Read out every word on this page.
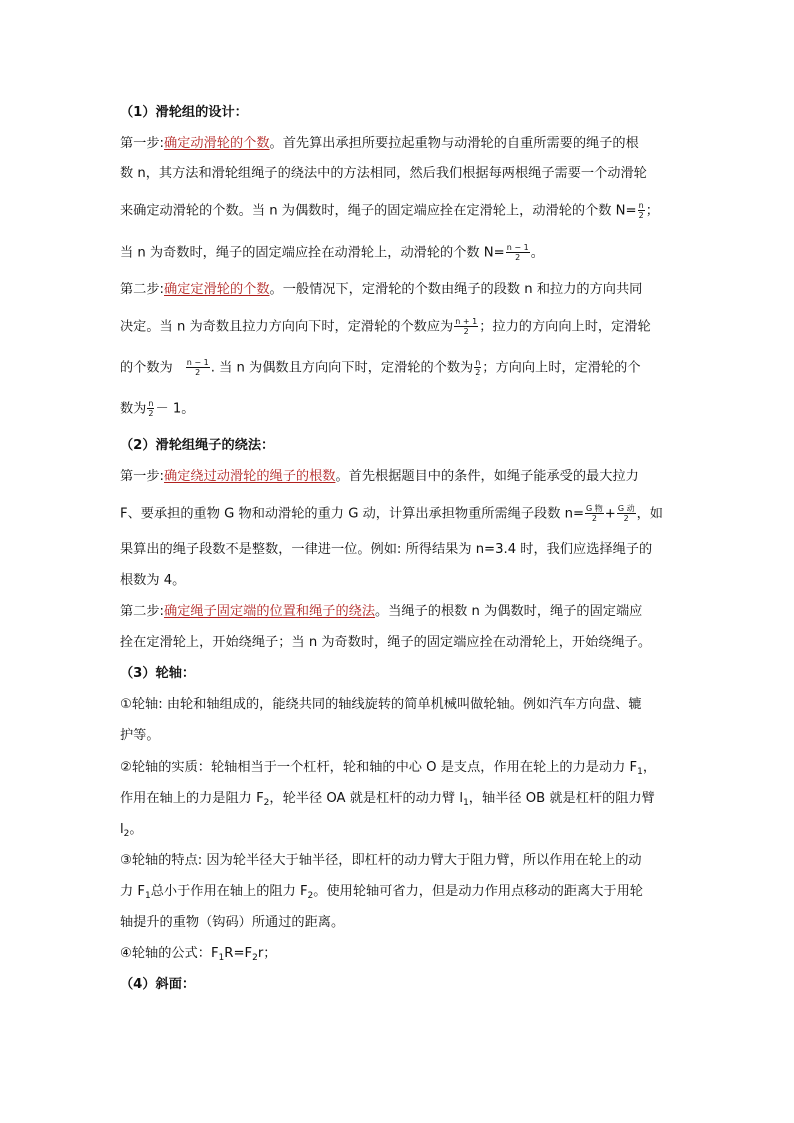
（1）滑轮组的设计：
第一步:确定动滑轮的个数。首先算出承担所要拉起重物与动滑轮的自重所需要的绳子的根
数 n，其方法和滑轮组绳子的绕法中的方法相同，然后我们根据每两根绳子需要一个动滑轮
来确定动滑轮的个数。当 n 为偶数时，绳子的固定端应拴在定滑轮上，动滑轮的个数 $N= \frac{n}{2}$ ；
当 n 为奇数时，绳子的固定端应拴在动滑轮上，动滑轮的个数 $N= \frac{n - 1}{2}$ 。
第二步:确定定滑轮的个数。一般情况下，定滑轮的个数由绳子的段数 n 和拉力的方向共同
决定。当 n 为奇数且拉力方向向下时，定滑轮的个数应为 $\frac{n + 1}{2}$ ；拉力的方向向上时，定滑轮
的个数为 $\frac{n - 1}{2}$ . 当 n 为偶数且方向向下时，定滑轮的个数为 $\frac{n}{2}$ ；方向向上时，定滑轮的个
数为 $\frac{n}{2} - 1$。
（2）滑轮组绳子的绕法：
第一步:确定绕过动滑轮的绳子的根数。首先根据题目中的条件，如绳子能承受的最大拉力
F、要承担的重物 G 物和动滑轮的重力 G 动，计算出承担物重所需绳子段数 $n= \frac{\text{G 物}}{2} + \frac{\text{G 动}}{2}$ ，如
果算出的绳子段数不是整数，一律进一位。例如: 所得结果为 n=3.4 时，我们应选择绳子的
根数为 4。
第二步:确定绳子固定端的位置和绳子的绕法。当绳子的根数 n 为偶数时，绳子的固定端应
拴在定滑轮上，开始绕绳子；当 n 为奇数时，绳子的固定端应拴在动滑轮上，开始绕绳子。
（3）轮轴：
①轮轴: 由轮和轴组成的，能绕共同的轴线旋转的简单机械叫做轮轴。例如汽车方向盘、辘
护等。
②轮轴的实质：轮轴相当于一个杠杆，轮和轴的中心 O 是支点，作用在轮上的力是动力 $F_1$，
作用在轴上的力是阻力 $F_2$，轮半径 OA 就是杠杆的动力臂 $l_1$，轴半径 OB 就是杠杆的阻力臂
$l_2$。
③轮轴的特点: 因为轮半径大于轴半径，即杠杆的动力臂大于阻力臂，所以作用在轮上的动
力 $F_1$总小于作用在轴上的阻力 $F_2$。使用轮轴可省力，但是动力作用点移动的距离大于用轮
轴提升的重物（钩码）所通过的距离。
④轮轴的公式：$F_1R=F_2r$；
（4）斜面：
